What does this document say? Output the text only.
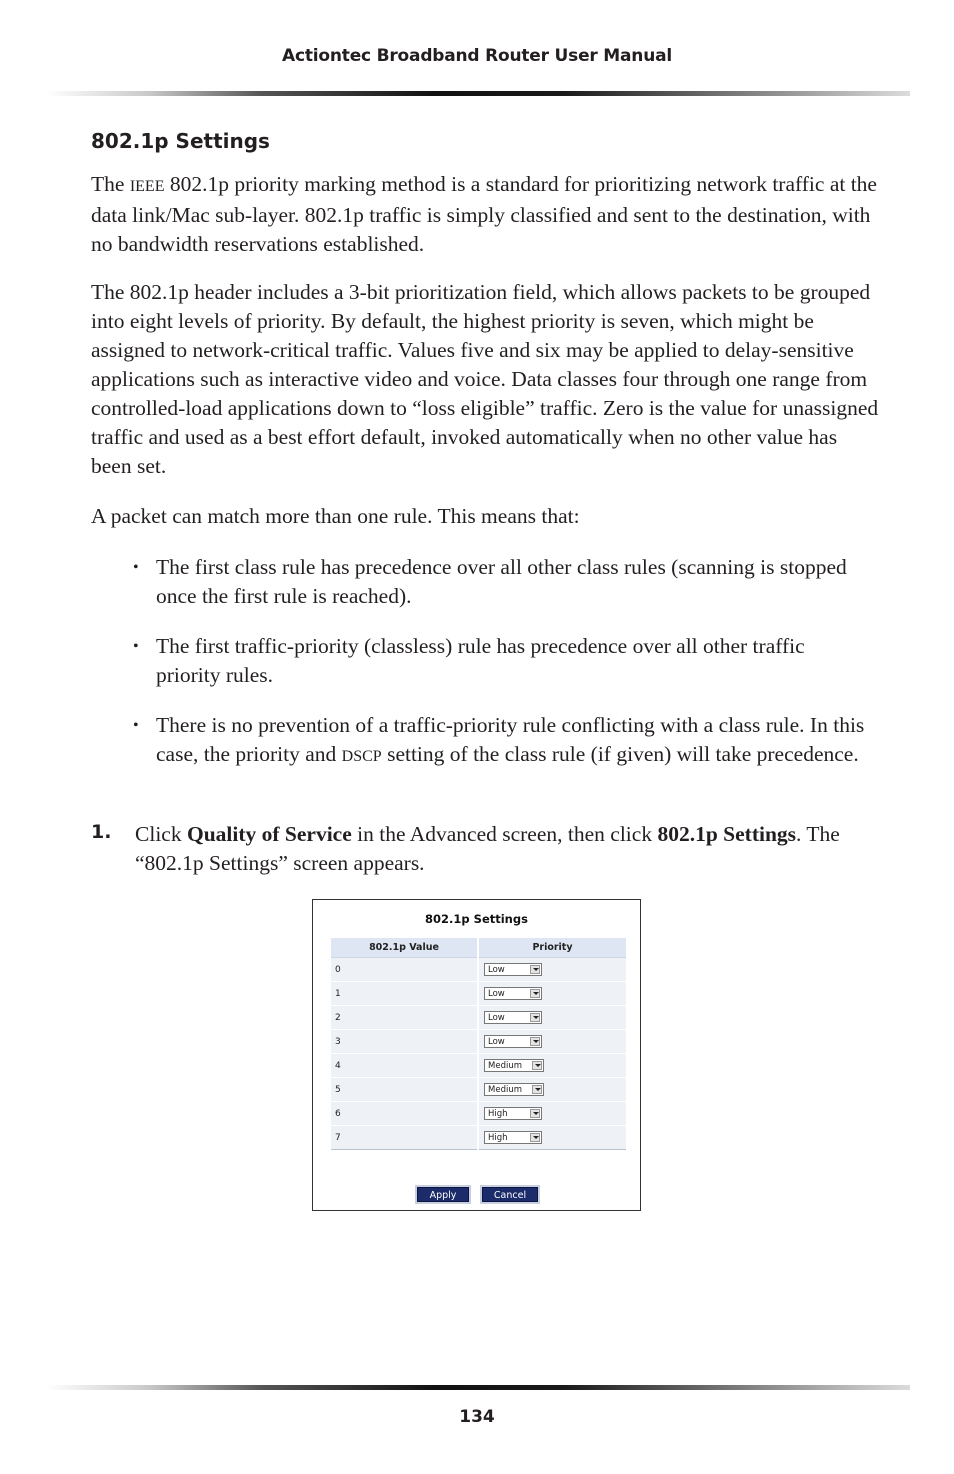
Actiontec Broadband Router User Manual
802.1p Settings

The IEEE 802.1p priority marking method is a standard for prioritizing network traffic at the data link/Mac sub-layer. 802.1p traffic is simply classified and sent to the destination, with no bandwidth reservations established.

The 802.1p header includes a 3-bit prioritization field, which allows packets to be grouped into eight levels of priority. By default, the highest priority is seven, which might be assigned to network-critical traffic. Values five and six may be applied to delay-sensitive applications such as interactive video and voice. Data classes four through one range from controlled-load applications down to “loss eligible” traffic. Zero is the value for unassigned traffic and used as a best effort default, invoked automatically when no other value has been set.

A packet can match more than one rule. This means that:

• The first class rule has precedence over all other class rules (scanning is stopped once the first rule is reached).
• The first traffic-priority (classless) rule has precedence over all other traffic priority rules.
• There is no prevention of a traffic-priority rule conflicting with a class rule. In this case, the priority and DSCP setting of the class rule (if given) will take precedence.
1. Click Quality of Service in the Advanced screen, then click 802.1p Settings. The “802.1p Settings” screen appears.
802.1p Settings
802.1p Value	Priority
0	Low

1	Low

2	Low

3	Low

4	Medium

5	Medium

6	High

7	High
Apply	Cancel
134
